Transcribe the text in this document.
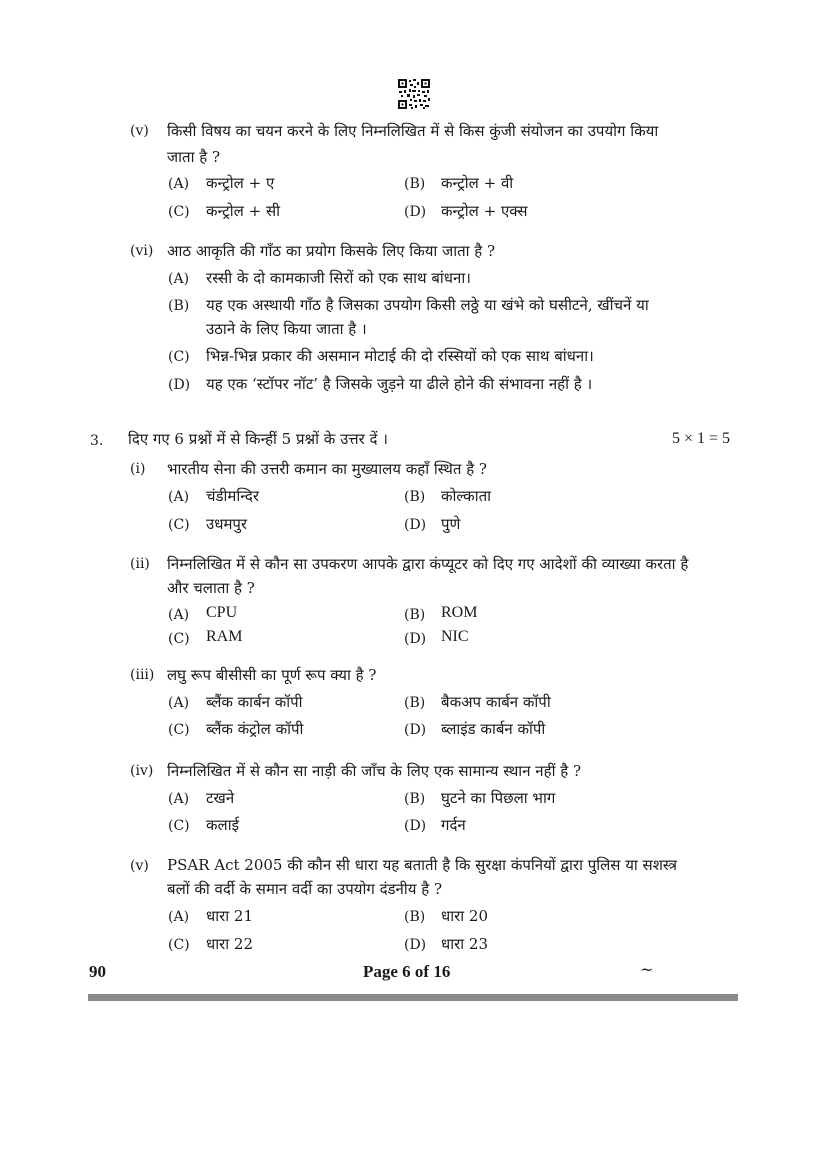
(v) किसी विषय का चयन करने के लिए निम्नलिखित में से किस कुंजी संयोजन का उपयोग किया
जाता है ?
(A) कन्ट्रोल + ए	(B) कन्ट्रोल + वी
(C) कन्ट्रोल + सी	(D) कन्ट्रोल + एक्स
(vi) आठ आकृति की गाँठ का प्रयोग किसके लिए किया जाता है ?
(A) रस्सी के दो कामकाजी सिरों को एक साथ बांधना।
(B) यह एक अस्थायी गाँठ है जिसका उपयोग किसी लठ्ठे या खंभे को घसीटने, खींचनें या
उठाने के लिए किया जाता है ।
(C) भिन्न-भिन्न प्रकार की असमान मोटाई की दो रस्सियों को एक साथ बांधना।
(D) यह एक ‘स्टॉपर नॉट’ है जिसके जुड़ने या ढीले होने की संभावना नहीं है ।
3. दिए गए 6 प्रश्नों में से किन्हीं 5 प्रश्नों के उत्तर दें ।	5 × 1 = 5
(i) भारतीय सेना की उत्तरी कमान का मुख्यालय कहाँ स्थित है ?
(A) चंडीमन्दिर	(B) कोल्काता
(C) उधमपुर	(D) पुणे
(ii) निम्नलिखित में से कौन सा उपकरण आपके द्वारा कंप्यूटर को दिए गए आदेशों की व्याख्या करता है
और चलाता है ?
(A) CPU	(B) ROM
(C) RAM	(D) NIC
(iii) लघु रूप बीसीसी का पूर्ण रूप क्या है ?
(A) ब्लैंक कार्बन कॉपी	(B) बैकअप कार्बन कॉपी
(C) ब्लैंक कंट्रोल कॉपी	(D) ब्लाइंड कार्बन कॉपी
(iv) निम्नलिखित में से कौन सा नाड़ी की जाँच के लिए एक सामान्य स्थान नहीं है ?
(A) टखने	(B) घुटने का पिछला भाग
(C) कलाई	(D) गर्दन
(v) PSAR Act 2005 की कौन सी धारा यह बताती है कि सुरक्षा कंपनियों द्वारा पुलिस या सशस्त्र
बलों की वर्दी के समान वर्दी का उपयोग दंडनीय है ?
(A) धारा 21	(B) धारा 20
(C) धारा 22	(D) धारा 23
90	Page 6 of 16	~
